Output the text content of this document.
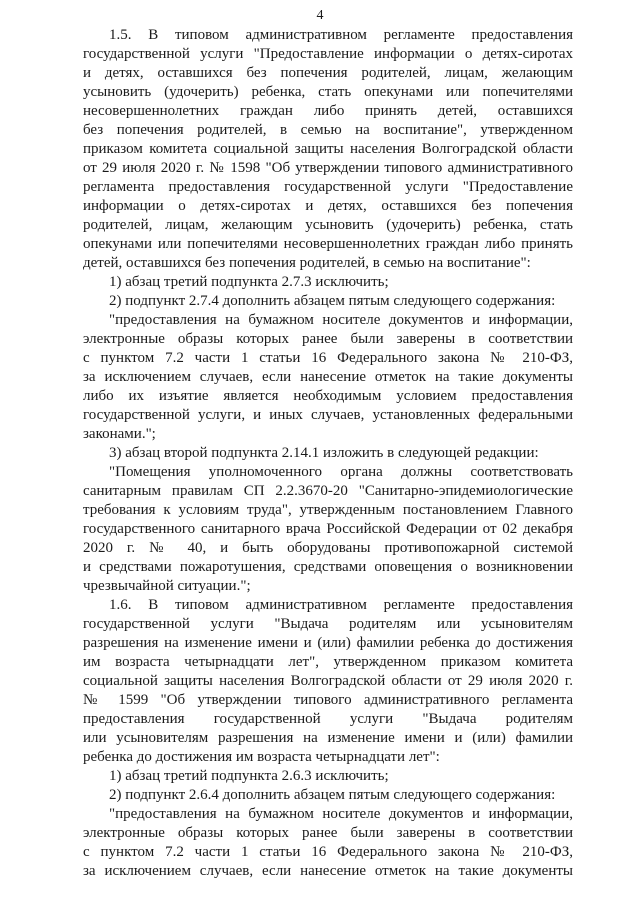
4
1.5. В типовом административном регламенте предоставления
государственной услуги "Предоставление информации о детях-сиротах
и детях, оставшихся без попечения родителей, лицам, желающим
усыновить (удочерить) ребенка, стать опекунами или попечителями
несовершеннолетних граждан либо принять детей, оставшихся
без попечения родителей, в семью на воспитание", утвержденном
приказом комитета социальной защиты населения Волгоградской области
от 29 июля 2020 г. № 1598 "Об утверждении типового административного
регламента предоставления государственной услуги "Предоставление
информации о детях-сиротах и детях, оставшихся без попечения
родителей, лицам, желающим усыновить (удочерить) ребенка, стать
опекунами или попечителями несовершеннолетних граждан либо принять
детей, оставшихся без попечения родителей, в семью на воспитание":
1) абзац третий подпункта 2.7.3 исключить;
2) подпункт 2.7.4 дополнить абзацем пятым следующего содержания:
"предоставления на бумажном носителе документов и информации,
электронные образы которых ранее были заверены в соответствии
с пунктом 7.2 части 1 статьи 16 Федерального закона № 210-ФЗ,
за исключением случаев, если нанесение отметок на такие документы
либо их изъятие является необходимым условием предоставления
государственной услуги, и иных случаев, установленных федеральными
законами.";
3) абзац второй подпункта 2.14.1 изложить в следующей редакции:
"Помещения уполномоченного органа должны соответствовать
санитарным правилам СП 2.2.3670-20 "Санитарно-эпидемиологические
требования к условиям труда", утвержденным постановлением Главного
государственного санитарного врача Российской Федерации от 02 декабря
2020 г. № 40, и быть оборудованы противопожарной системой
и средствами пожаротушения, средствами оповещения о возникновении
чрезвычайной ситуации.";
1.6. В типовом административном регламенте предоставления
государственной услуги "Выдача родителям или усыновителям
разрешения на изменение имени и (или) фамилии ребенка до достижения
им возраста четырнадцати лет", утвержденном приказом комитета
социальной защиты населения Волгоградской области от 29 июля 2020 г.
№ 1599 "Об утверждении типового административного регламента
предоставления государственной услуги "Выдача родителям
или усыновителям разрешения на изменение имени и (или) фамилии
ребенка до достижения им возраста четырнадцати лет":
1) абзац третий подпункта 2.6.3 исключить;
2) подпункт 2.6.4 дополнить абзацем пятым следующего содержания:
"предоставления на бумажном носителе документов и информации,
электронные образы которых ранее были заверены в соответствии
с пунктом 7.2 части 1 статьи 16 Федерального закона № 210-ФЗ,
за исключением случаев, если нанесение отметок на такие документы
